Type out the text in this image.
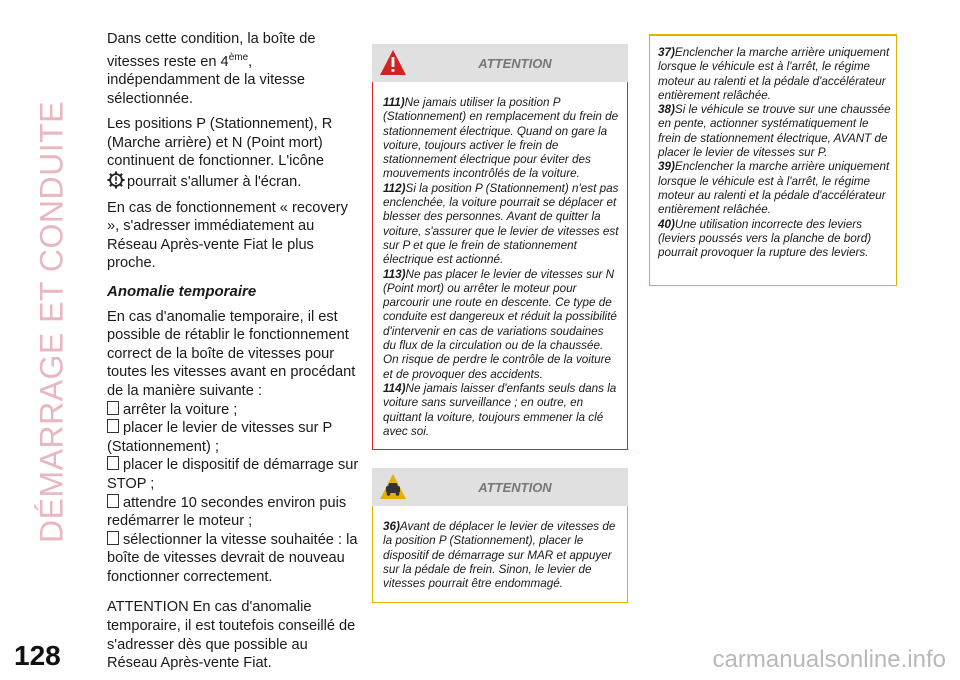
DÉMARRAGE ET CONDUITE

Dans cette condition, la boîte de vitesses reste en 4ème, indépendamment de la vitesse sélectionnée.

Les positions P (Stationnement), R (Marche arrière) et N (Point mort) continuent de fonctionner. L'icône
pourrait s'allumer à l'écran.

En cas de fonctionnement « recovery », s'adresser immédiatement au Réseau Après-vente Fiat le plus proche.

Anomalie temporaire

En cas d'anomalie temporaire, il est possible de rétablir le fonctionnement correct de la boîte de vitesses pour toutes les vitesses avant en procédant de la manière suivante :

arrêter la voiture ;
placer le levier de vitesses sur P (Stationnement) ;
placer le dispositif de démarrage sur STOP ;
attendre 10 secondes environ puis redémarrer le moteur ;
sélectionner la vitesse souhaitée : la boîte de vitesses devrait de nouveau fonctionner correctement.

ATTENTION En cas d'anomalie temporaire, il est toutefois conseillé de s'adresser dès que possible au Réseau Après-vente Fiat.

ATTENTION

111)Ne jamais utiliser la position P (Stationnement) en remplacement du frein de stationnement électrique. Quand on gare la voiture, toujours activer le frein de stationnement électrique pour éviter des mouvements incontrôlés de la voiture.

112)Si la position P (Stationnement) n'est pas enclenchée, la voiture pourrait se déplacer et blesser des personnes. Avant de quitter la voiture, s'assurer que le levier de vitesses est sur P et que le frein de stationnement électrique est actionné.

113)Ne pas placer le levier de vitesses sur N (Point mort) ou arrêter le moteur pour parcourir une route en descente. Ce type de conduite est dangereux et réduit la possibilité d'intervenir en cas de variations soudaines du flux de la circulation ou de la chaussée. On risque de perdre le contrôle de la voiture et de provoquer des accidents.

114)Ne jamais laisser d'enfants seuls dans la voiture sans surveillance ; en outre, en quittant la voiture, toujours emmener la clé avec soi.

ATTENTION

36)Avant de déplacer le levier de vitesses de la position P (Stationnement), placer le dispositif de démarrage sur MAR et appuyer sur la pédale de frein. Sinon, le levier de vitesses pourrait être endommagé.

37)Enclencher la marche arrière uniquement lorsque le véhicule est à l'arrêt, le régime moteur au ralenti et la pédale d'accélérateur entièrement relâchée.

38)Si le véhicule se trouve sur une chaussée en pente, actionner systématiquement le frein de stationnement électrique, AVANT de placer le levier de vitesses sur P.

39)Enclencher la marche arrière uniquement lorsque le véhicule est à l'arrêt, le régime moteur au ralenti et la pédale d'accélérateur entièrement relâchée.

40)Une utilisation incorrecte des leviers (leviers poussés vers la planche de bord) pourrait provoquer la rupture des leviers.

128	carmanualsonline.info
